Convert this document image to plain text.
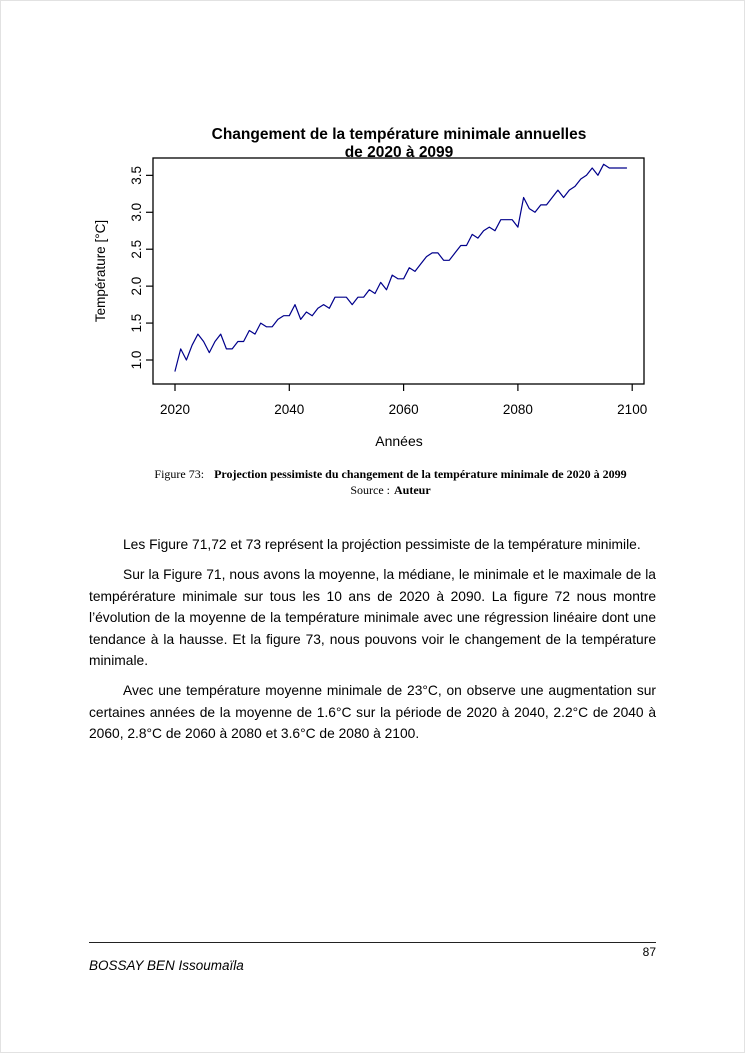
Changement de la température minimale annuelles
de 2020 à 2099
2020	2040	2060	2080	2100
Années
1.0
1.5
2.0
2.5
3.0
3.5
Température [°C]
Figure 73: Projection pessimiste du changement de la température minimale de 2020 à 2099
Source : Auteur

Les Figure 71,72 et 73 représent la projéction pessimiste de la température minimile.

Sur la Figure 71, nous avons la moyenne, la médiane, le minimale et le maximale de la tempérérature minimale sur tous les 10 ans de 2020 à 2090. La figure 72 nous montre l’évolution de la moyenne de la température minimale avec une régression linéaire dont une tendance à la hausse. Et la figure 73, nous pouvons voir le changement de la température minimale.

Avec une température moyenne minimale de 23°C, on observe une augmentation sur certaines années de la moyenne de 1.6°C sur la période de 2020 à 2040, 2.2°C de 2040 à 2060, 2.8°C de 2060 à 2080 et 3.6°C de 2080 à 2100.

87
BOSSAY BEN Issoumaïla
